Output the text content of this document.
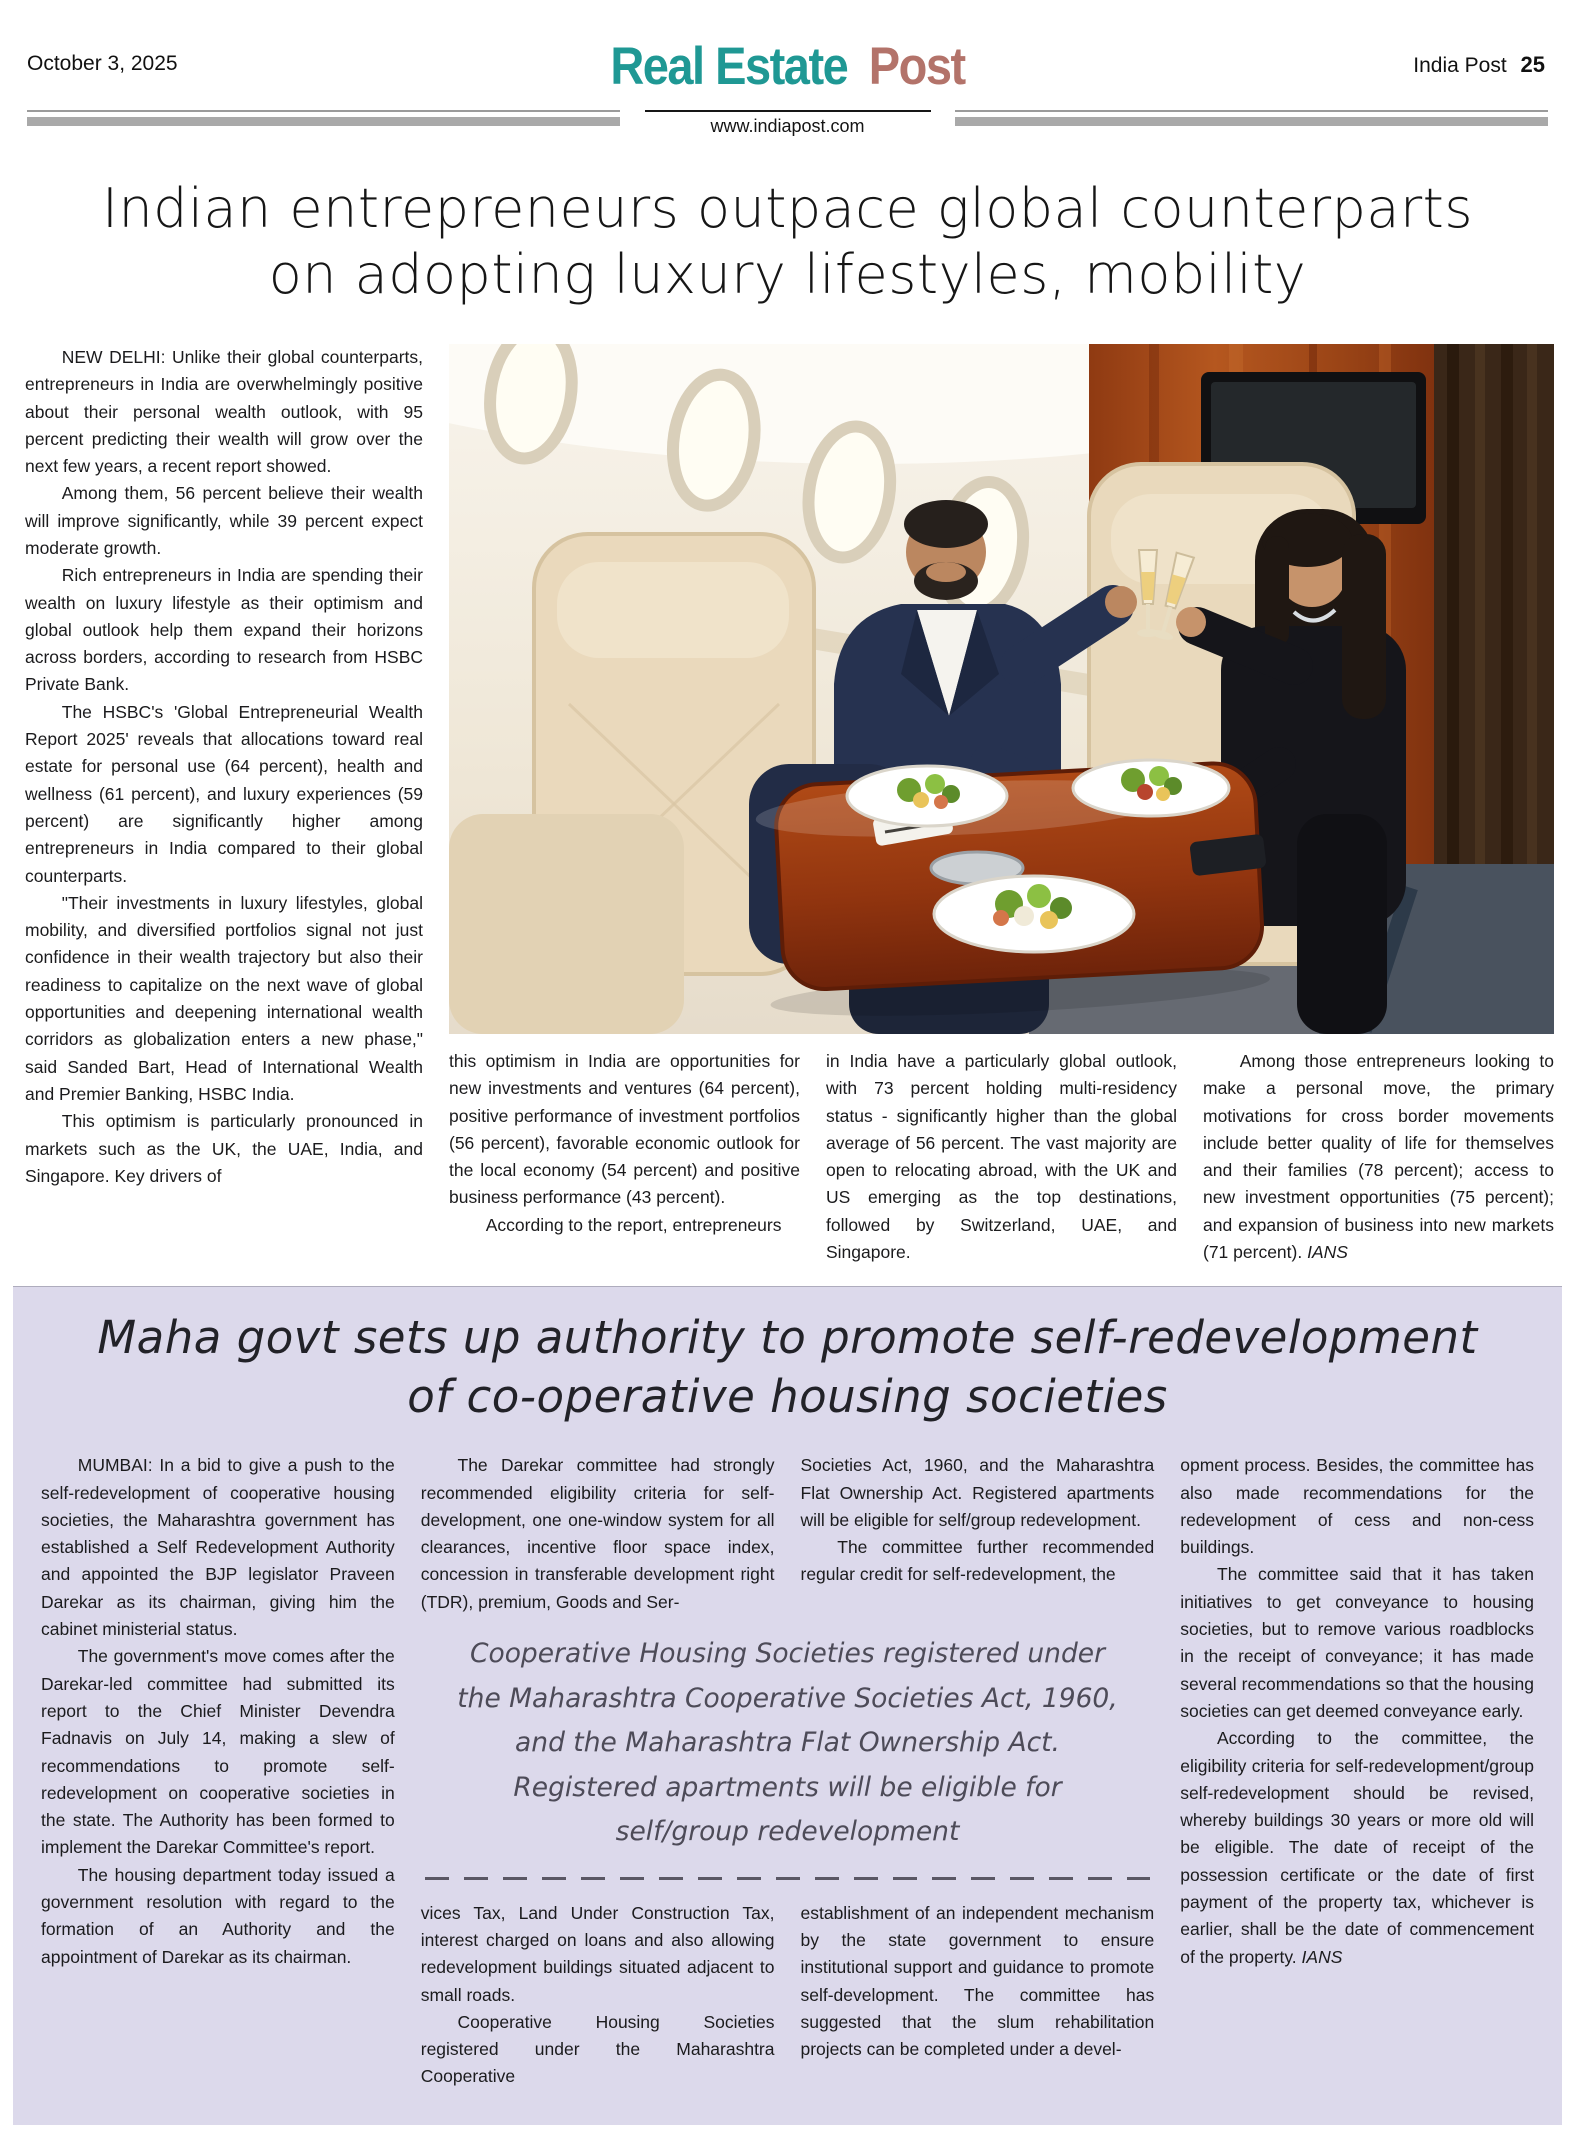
October 3, 2025	Real Estate Post	India Post 25
www.indiapost.com
Indian entrepreneurs outpace global counterparts
on adopting luxury lifestyles, mobility

NEW DELHI: Unlike their global counterparts, entrepreneurs in India are overwhelmingly positive about their personal wealth outlook, with 95 percent predicting their wealth will grow over the next few years, a recent report showed.

Among them, 56 percent believe their wealth will improve significantly, while 39 percent expect moderate growth.

Rich entrepreneurs in India are spending their wealth on luxury lifestyle as their optimism and global outlook help them expand their horizons across borders, according to research from HSBC Private Bank.

The HSBC's 'Global Entrepreneurial Wealth Report 2025' reveals that allocations toward real estate for personal use (64 percent), health and wellness (61 percent), and luxury experiences (59 percent) are significantly higher among entrepreneurs in India compared to their global counterparts.

"Their investments in luxury lifestyles, global mobility, and diversified portfolios signal not just confidence in their wealth trajectory but also their readiness to capitalize on the next wave of global opportunities and deepening international wealth corridors as globalization enters a new phase," said Sanded Bart, Head of International Wealth and Premier Banking, HSBC India.

This optimism is particularly pronounced in markets such as the UK, the UAE, India, and Singapore. Key drivers of

this optimism in India are opportunities for new investments and ventures (64 percent), positive performance of investment portfolios (56 percent), favorable economic outlook for the local economy (54 percent) and positive business performance (43 percent).

According to the report, entrepreneurs

in India have a particularly global outlook, with 73 percent holding multi-residency status - significantly higher than the global average of 56 percent. The vast majority are open to relocating abroad, with the UK and US emerging as the top destinations, followed by Switzerland, UAE, and Singapore.

Among those entrepreneurs looking to make a personal move, the primary motivations for cross border movements include better quality of life for themselves and their families (78 percent); access to new investment opportunities (75 percent); and expansion of business into new markets (71 percent). IANS

Maha govt sets up authority to promote self-redevelopment
of co-operative housing societies

MUMBAI: In a bid to give a push to the self-redevelopment of cooperative housing societies, the Maharashtra government has established a Self Redevelopment Authority and appointed the BJP legislator Praveen Darekar as its chairman, giving him the cabinet ministerial status.

The government's move comes after the Darekar-led committee had submitted its report to the Chief Minister Devendra Fadnavis on July 14, making a slew of recommendations to promote self-redevelopment on cooperative societies in the state. The Authority has been formed to implement the Darekar Committee's report.

The housing department today issued a government resolution with regard to the formation of an Authority and the appointment of Darekar as its chairman.

The Darekar committee had strongly recommended eligibility criteria for self-development, one one-window system for all clearances, incentive floor space index, concession in transferable development right (TDR), premium, Goods and Ser-

Societies Act, 1960, and the Maharashtra Flat Ownership Act. Registered apartments will be eligible for self/group redevelopment.

The committee further recommended regular credit for self-redevelopment, the

Cooperative Housing Societies registered under the Maharashtra Cooperative Societies Act, 1960, and the Maharashtra Flat Ownership Act. Registered apartments will be eligible for self/group redevelopment

vices Tax, Land Under Construction Tax, interest charged on loans and also allowing redevelopment buildings situated adjacent to small roads.

Cooperative Housing Societies registered under the Maharashtra Cooperative

establishment of an independent mechanism by the state government to ensure institutional support and guidance to promote self-development. The committee has suggested that the slum rehabilitation projects can be completed under a devel-

opment process. Besides, the committee has also made recommendations for the redevelopment of cess and non-cess buildings.

The committee said that it has taken initiatives to get conveyance to housing societies, but to remove various roadblocks in the receipt of conveyance; it has made several recommendations so that the housing societies can get deemed conveyance early.

According to the committee, the eligibility criteria for self-redevelopment/group self-redevelopment should be revised, whereby buildings 30 years or more old will be eligible. The date of receipt of the possession certificate or the date of first payment of the property tax, whichever is earlier, shall be the date of commencement of the property. IANS
